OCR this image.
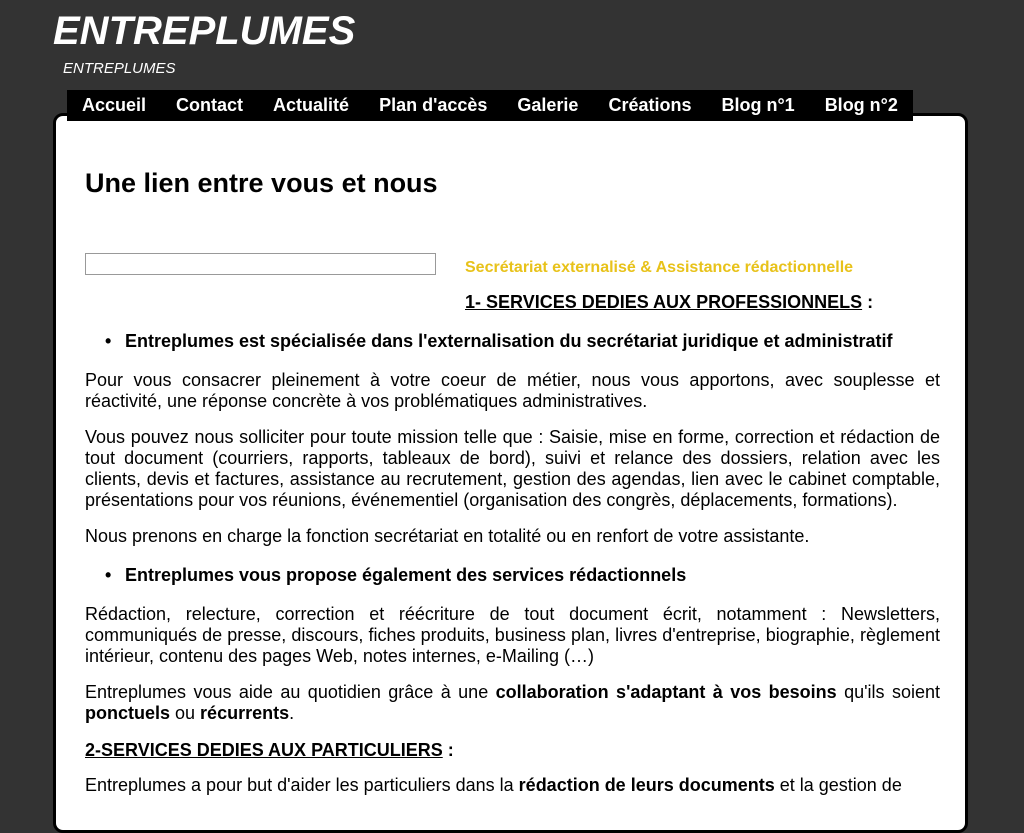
ENTREPLUMES
ENTREPLUMES
Accueil	Contact	Actualité	Plan d'accès	Galerie	Créations	Blog n°1	Blog n°2
Une lien entre vous et nous
Secrétariat externalisé & Assistance rédactionnelle
1- SERVICES DEDIES AUX PROFESSIONNELS :
• Entreplumes est spécialisée dans l'externalisation du secrétariat juridique et administratif

Pour vous consacrer pleinement à votre coeur de métier, nous vous apportons, avec souplesse et réactivité, une réponse concrète à vos problématiques administratives.

Vous pouvez nous solliciter pour toute mission telle que : Saisie, mise en forme, correction et rédaction de tout document (courriers, rapports, tableaux de bord), suivi et relance des dossiers, relation avec les clients, devis et factures, assistance au recrutement, gestion des agendas, lien avec le cabinet comptable, présentations pour vos réunions, événementiel (organisation des congrès, déplacements, formations).

Nous prenons en charge la fonction secrétariat en totalité ou en renfort de votre assistante.

• Entreplumes vous propose également des services rédactionnels

Rédaction, relecture, correction et réécriture de tout document écrit, notamment : Newsletters, communiqués de presse, discours, fiches produits, business plan, livres d'entreprise, biographie, règlement intérieur, contenu des pages Web, notes internes, e-Mailing (…)

Entreplumes vous aide au quotidien grâce à une collaboration s'adaptant à vos besoins qu'ils soient ponctuels ou récurrents.

2-SERVICES DEDIES AUX PARTICULIERS :

Entreplumes a pour but d'aider les particuliers dans la rédaction de leurs documents et la gestion de
